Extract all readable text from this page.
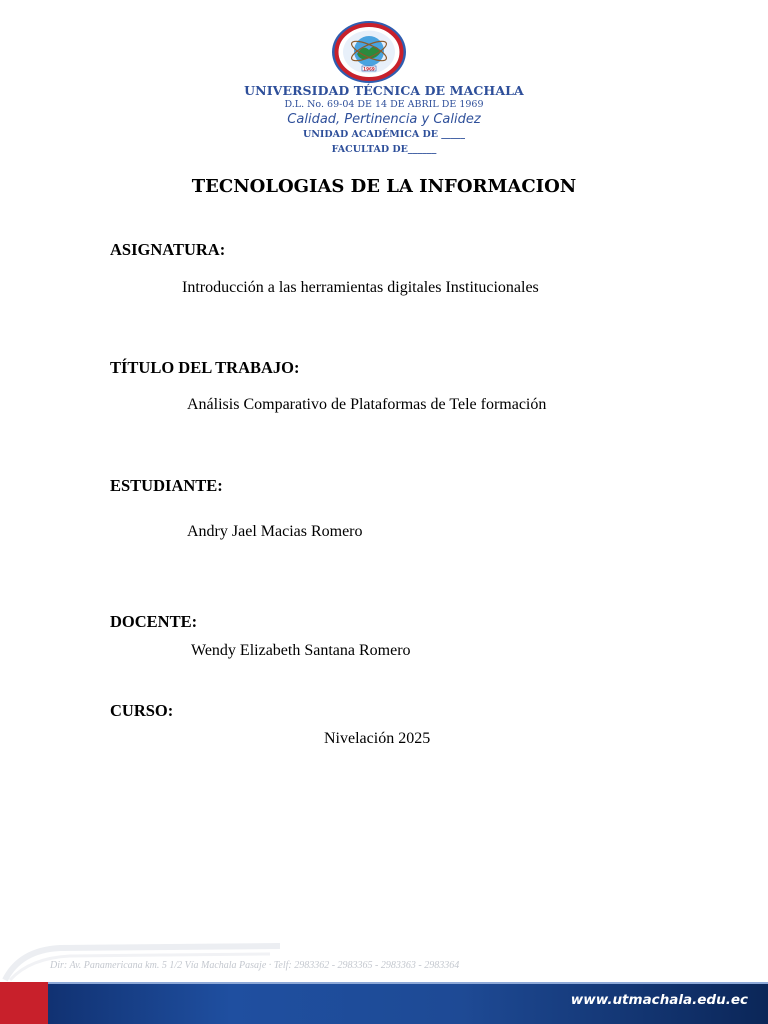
1969
UNIVERSIDAD TÉCNICA DE MACHALA
D.L. No. 69-04 DE 14 DE ABRIL DE 1969
Calidad, Pertinencia y Calidez
UNIDAD ACADÉMICA DE _____
FACULTAD DE______
TECNOLOGIAS DE LA INFORMACION
ASIGNATURA:
Introducción a las herramientas digitales Institucionales
TÍTULO DEL TRABAJO:
Análisis Comparativo de Plataformas de Tele formación
ESTUDIANTE:
Andry Jael Macias Romero
DOCENTE:
Wendy Elizabeth Santana Romero
CURSO:
Nivelación 2025
Dir: Av. Panamericana km. 5 1/2 Vía Machala Pasaje · Telf: 2983362 - 2983365 - 2983363 - 2983364
www.utmachala.edu.ec
